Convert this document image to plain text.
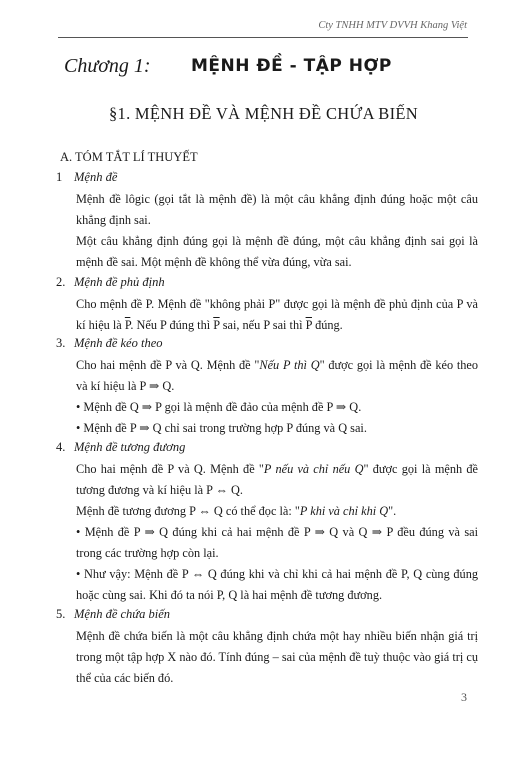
Cty TNHH MTV DVVH Khang Việt
Chương 1: MỆNH ĐỀ - TẬP HỢP
§1. MỆNH ĐỀ VÀ MỆNH ĐỀ CHỨA BIẾN
A. TÓM TẮT LÍ THUYẾT
1 Mệnh đề
Mệnh đề lôgic (gọi tắt là mệnh đề) là một câu khẳng định đúng hoặc một câu khẳng định sai.
Một câu khẳng định đúng gọi là mệnh đề đúng, một câu khẳng định sai gọi là mệnh đề sai. Một mệnh đề không thể vừa đúng, vừa sai.
2. Mệnh đề phủ định
Cho mệnh đề P. Mệnh đề "không phải P" được gọi là mệnh đề phủ định của P và kí hiệu là $\overline{P}$. Nếu P đúng thì $\overline{P}$ sai, nếu P sai thì $\overline{P}$ đúng.
3. Mệnh đề kéo theo
Cho hai mệnh đề P và Q. Mệnh đề "Nếu P thì Q" được gọi là mệnh đề kéo theo và kí hiệu là P ⇒ Q.
• Mệnh đề Q ⇒ P gọi là mệnh đề đảo của mệnh đề P ⇒ Q.
• Mệnh đề P ⇒ Q chỉ sai trong trường hợp P đúng và Q sai.
4. Mệnh đề tương đương
Cho hai mệnh đề P và Q. Mệnh đề "P nếu và chỉ nếu Q" được gọi là mệnh đề tương đương và kí hiệu là P ⇔ Q.
Mệnh đề tương đương P ⇔ Q có thể đọc là: "P khi và chỉ khi Q".
• Mệnh đề P ⇒ Q đúng khi cả hai mệnh đề P ⇒ Q và Q ⇒ P đều đúng và sai trong các trường hợp còn lại.
• Như vậy: Mệnh đề P ⇔ Q đúng khi và chỉ khi cả hai mệnh đề P, Q cùng đúng hoặc cùng sai. Khi đó ta nói P, Q là hai mệnh đề tương đương.
5. Mệnh đề chứa biến
Mệnh đề chứa biến là một câu khẳng định chứa một hay nhiều biến nhận giá trị trong một tập hợp X nào đó. Tính đúng – sai của mệnh đề tuỳ thuộc vào giá trị cụ thể của các biến đó.
3
